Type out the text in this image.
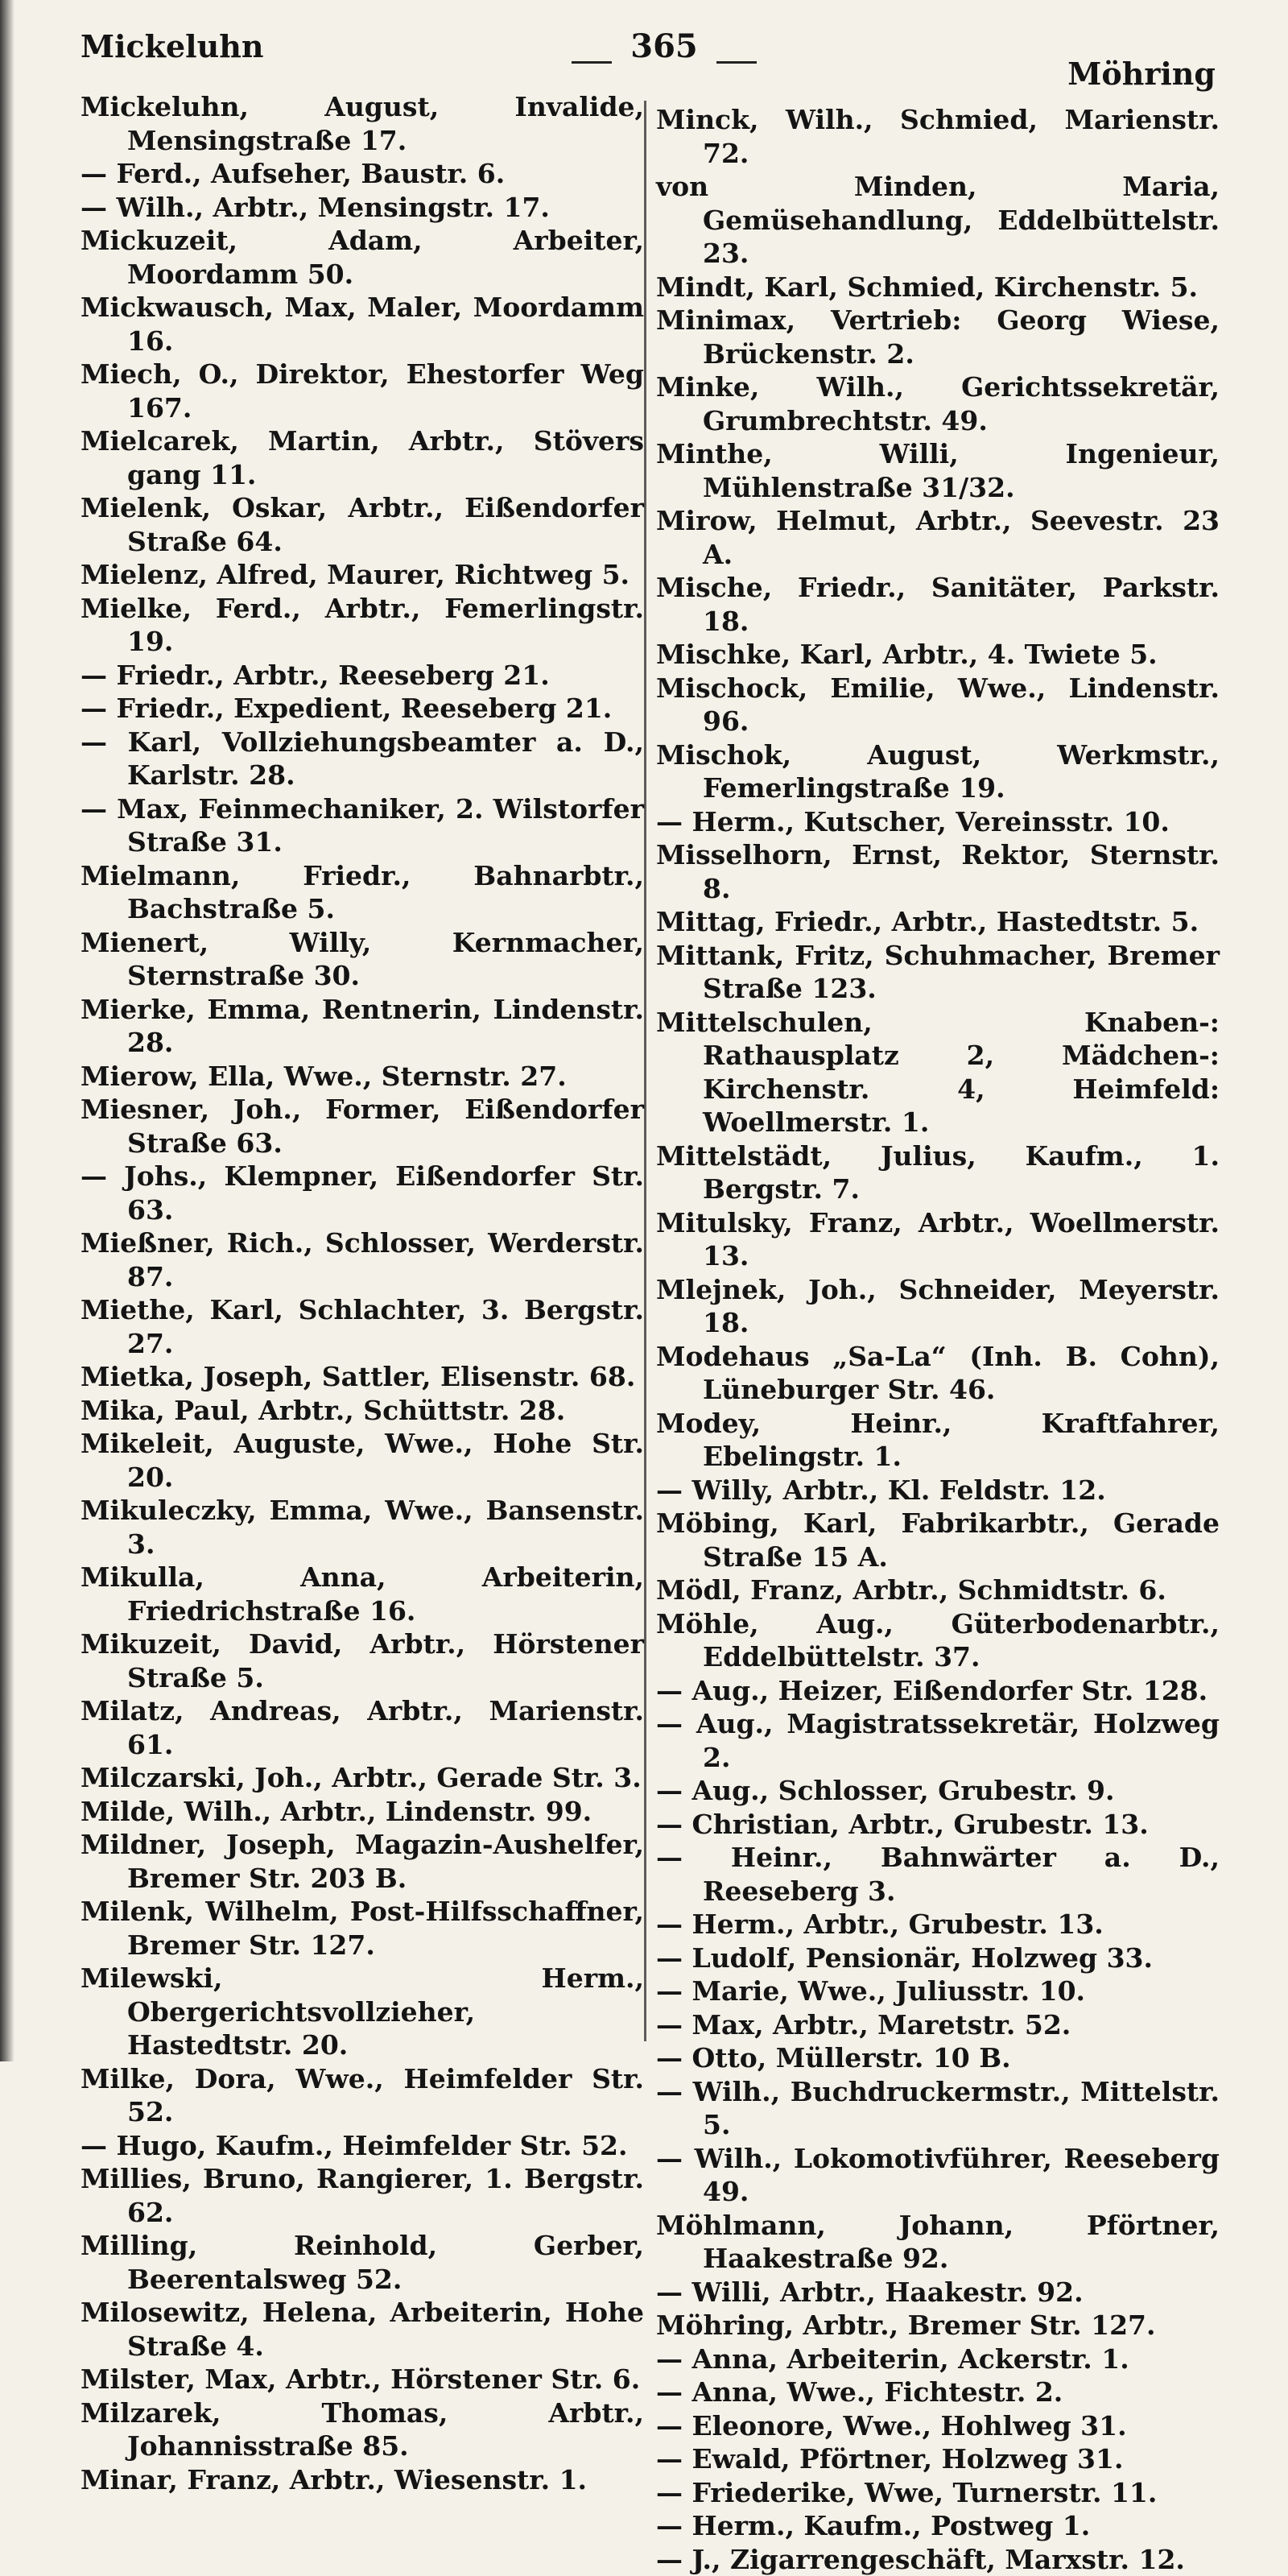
Mickeluhn	365
Möhring

Mickeluhn, August, Invalide, Mensingstraße 17.

— Ferd., Aufseher, Baustr. 6.

— Wilh., Arbtr., Mensingstr. 17.

Mickuzeit, Adam, Arbeiter, Moordamm 50.

Mickwausch, Max, Maler, Moordamm 16.

Miech, O., Direktor, Ehestorfer Weg 167.

Mielcarek, Martin, Arbtr., Stövers gang 11.

Mielenk, Oskar, Arbtr., Eißendorfer Straße 64.

Mielenz, Alfred, Maurer, Richtweg 5.

Mielke, Ferd., Arbtr., Femerlingstr. 19.

— Friedr., Arbtr., Reeseberg 21.

— Friedr., Expedient, Reeseberg 21.

— Karl, Vollziehungsbeamter a. D., Karlstr. 28.

— Max, Feinmechaniker, 2. Wilstorfer Straße 31.

Mielmann, Friedr., Bahnarbtr., Bachstraße 5.

Mienert, Willy, Kernmacher, Sternstraße 30.

Mierke, Emma, Rentnerin, Lindenstr. 28.

Mierow, Ella, Wwe., Sternstr. 27.

Miesner, Joh., Former, Eißendorfer Straße 63.

— Johs., Klempner, Eißendorfer Str. 63.

Mießner, Rich., Schlosser, Werderstr. 87.

Miethe, Karl, Schlachter, 3. Bergstr. 27.

Mietka, Joseph, Sattler, Elisenstr. 68.

Mika, Paul, Arbtr., Schüttstr. 28.

Mikeleit, Auguste, Wwe., Hohe Str. 20.

Mikuleczky, Emma, Wwe., Bansenstr. 3.

Mikulla, Anna, Arbeiterin, Friedrichstraße 16.

Mikuzeit, David, Arbtr., Hörstener Straße 5.

Milatz, Andreas, Arbtr., Marienstr. 61.

Milczarski, Joh., Arbtr., Gerade Str. 3.

Milde, Wilh., Arbtr., Lindenstr. 99.

Mildner, Joseph, Magazin-Aushelfer, Bremer Str. 203 B.

Milenk, Wilhelm, Post-Hilfsschaffner, Bremer Str. 127.

Milewski, Herm., Obergerichtsvollzieher, Hastedtstr. 20.

Milke, Dora, Wwe., Heimfelder Str. 52.

— Hugo, Kaufm., Heimfelder Str. 52.

Millies, Bruno, Rangierer, 1. Bergstr. 62.

Milling, Reinhold, Gerber, Beerentalsweg 52.

Milosewitz, Helena, Arbeiterin, Hohe Straße 4.

Milster, Max, Arbtr., Hörstener Str. 6.

Milzarek, Thomas, Arbtr., Johannisstraße 85.

Minar, Franz, Arbtr., Wiesenstr. 1.

Minck, Wilh., Schmied, Marienstr. 72.

von Minden, Maria, Gemüsehandlung, Eddelbüttelstr. 23.

Mindt, Karl, Schmied, Kirchenstr. 5.

Minimax, Vertrieb: Georg Wiese, Brückenstr. 2.

Minke, Wilh., Gerichtssekretär, Grumbrechtstr. 49.

Minthe, Willi, Ingenieur, Mühlenstraße 31/32.

Mirow, Helmut, Arbtr., Seevestr. 23 A.

Mische, Friedr., Sanitäter, Parkstr. 18.

Mischke, Karl, Arbtr., 4. Twiete 5.

Mischock, Emilie, Wwe., Lindenstr. 96.

Mischok, August, Werkmstr., Femerlingstraße 19.

— Herm., Kutscher, Vereinsstr. 10.

Misselhorn, Ernst, Rektor, Sternstr. 8.

Mittag, Friedr., Arbtr., Hastedtstr. 5.

Mittank, Fritz, Schuhmacher, Bremer Straße 123.

Mittelschulen, Knaben-: Rathausplatz 2, Mädchen-: Kirchenstr. 4, Heimfeld: Woellmerstr. 1.

Mittelstädt, Julius, Kaufm., 1. Bergstr. 7.

Mitulsky, Franz, Arbtr., Woellmerstr. 13.

Mlejnek, Joh., Schneider, Meyerstr. 18.

Modehaus „Sa-La“ (Inh. B. Cohn), Lüneburger Str. 46.

Modey, Heinr., Kraftfahrer, Ebelingstr. 1.

— Willy, Arbtr., Kl. Feldstr. 12.

Möbing, Karl, Fabrikarbtr., Gerade Straße 15 A.

Mödl, Franz, Arbtr., Schmidtstr. 6.

Möhle, Aug., Güterbodenarbtr., Eddelbüttelstr. 37.

— Aug., Heizer, Eißendorfer Str. 128.

— Aug., Magistratssekretär, Holzweg 2.

— Aug., Schlosser, Grubestr. 9.

— Christian, Arbtr., Grubestr. 13.

— Heinr., Bahnwärter a. D., Reeseberg 3.

— Herm., Arbtr., Grubestr. 13.

— Ludolf, Pensionär, Holzweg 33.

— Marie, Wwe., Juliusstr. 10.

— Max, Arbtr., Maretstr. 52.

— Otto, Müllerstr. 10 B.

— Wilh., Buchdruckermstr., Mittelstr. 5.

— Wilh., Lokomotivführer, Reeseberg 49.

Möhlmann, Johann, Pförtner, Haakestraße 92.

— Willi, Arbtr., Haakestr. 92.

Möhring, Arbtr., Bremer Str. 127.

— Anna, Arbeiterin, Ackerstr. 1.

— Anna, Wwe., Fichtestr. 2.

— Eleonore, Wwe., Hohlweg 31.

— Ewald, Pförtner, Holzweg 31.

— Friederike, Wwe, Turnerstr. 11.

— Herm., Kaufm., Postweg 1.

— J., Zigarrengeschäft, Marxstr. 12.
